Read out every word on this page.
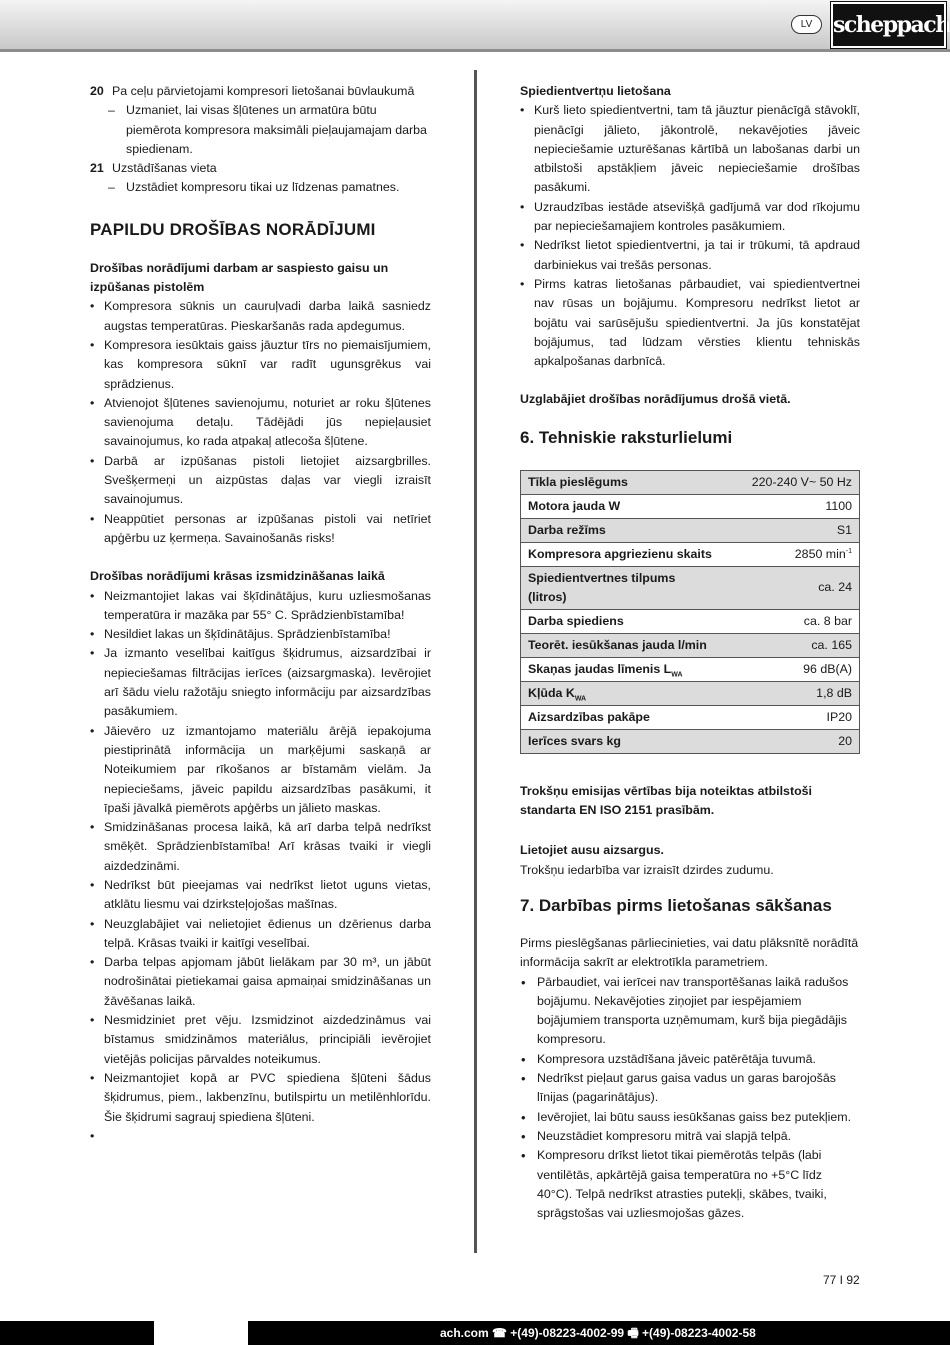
LV scheppach
20 Pa ceļu pārvietojami kompresori lietošanai būvlaukumā
– Uzmaniet, lai visas šļūtenes un armatūra būtu piemērota kompresora maksimāli pieļaujamajam darba spiedienam.
21 Uzstādīšanas vieta
– Uzstādiet kompresoru tikai uz līdzenas pamatnes.
PAPILDU DROŠĪBAS NORĀDĪJUMI
Drošības norādījumi darbam ar saspiesto gaisu un izpūšanas pistolēm
• Kompresora sūknis un cauruļvadi darba laikā sasniedz augstas temperatūras. Pieskaršanās rada apdegumus.
• Kompresora iesūktais gaiss jāuztur tīrs no piemaisījumiem, kas kompresora sūknī var radīt ugunsgrēkus vai sprādzienus.
• Atvienojot šļūtenes savienojumu, noturiet ar roku šļūtenes savienojuma detaļu. Tādējādi jūs nepieļausiet savainojumus, ko rada atpakaļ atlecoša šļūtene.
• Darbā ar izpūšanas pistoli lietojiet aizsargbrilles. Svešķermeņi un aizpūstas daļas var viegli izraisīt savainojumus.
• Neappūtiet personas ar izpūšanas pistoli vai netīriet apģērbu uz ķermeņa. Savainošanās risks!
Drošības norādījumi krāsas izsmidzināšanas laikā
• Neizmantojiet lakas vai šķīdinātājus, kuru uzliesmošanas temperatūra ir mazāka par 55° C. Sprādzienbīstamība!
• Nesildiet lakas un šķīdinātājus. Sprādzienbīstamība!
• Ja izmanto veselībai kaitīgus šķidrumus, aizsardzībai ir nepieciešamas filtrācijas ierīces (aizsargmaska). Ievērojiet arī šādu vielu ražotāju sniegto informāciju par aizsardzības pasākumiem.
• Jāievēro uz izmantojamo materiālu ārējā iepakojuma piestiprinātā informācija un marķējumi saskaņā ar Noteikumiem par rīkošanos ar bīstamām vielām. Ja nepieciešams, jāveic papildu aizsardzības pasākumi, it īpaši jāvalkā piemērots apģērbs un jālieto maskas.
• Smidzināšanas procesa laikā, kā arī darba telpā nedrīkst smēķēt. Sprādzienbīstamība! Arī krāsas tvaiki ir viegli aizdedzināmi.
• Nedrīkst būt pieejamas vai nedrīkst lietot uguns vietas, atklātu liesmu vai dzirksteļojošas mašīnas.
• Neuzglabājiet vai nelietojiet ēdienus un dzērienus darba telpā. Krāsas tvaiki ir kaitīgi veselībai.
• Darba telpas apjomam jābūt lielākam par 30 m³, un jābūt nodrošinātai pietiekamai gaisa apmaiņai smidzināšanas un žāvēšanas laikā.
• Nesmidziniet pret vēju. Izsmidzinot aizdedzināmus vai bīstamus smidzināmos materiālus, principiāli ievērojiet vietējās policijas pārvaldes noteikumus.
• Neizmantojiet kopā ar PVC spiediena šļūteni šādus šķidrumus, piem., lakbenzīnu, butilspirtu un metilēnhlorīdu. Šie šķidrumi sagrauj spiediena šļūteni.
•
Spiedientvertņu lietošana
• Kurš lieto spiedientvertni, tam tā jāuztur pienācīgā stāvoklī, pienācīgi jālieto, jākontrolē, nekavējoties jāveic nepieciešamie uzturēšanas kārtībā un labošanas darbi un atbilstoši apstākļiem jāveic nepieciešamie drošības pasākumi.
• Uzraudzības iestāde atsevišķā gadījumā var dod rīkojumu par nepieciešamajiem kontroles pasākumiem.
• Nedrīkst lietot spiedientvertni, ja tai ir trūkumi, tā apdraud darbiniekus vai trešās personas.
• Pirms katras lietošanas pārbaudiet, vai spiedientvertnei nav rūsas un bojājumu. Kompresoru nedrīkst lietot ar bojātu vai sarūsējušu spiedientvertni. Ja jūs konstatējat bojājumus, tad lūdzam vērsties klientu tehniskās apkalpošanas darbnīcā.

Uzglabājiet drošības norādījumus drošā vietā.

6. Tehniskie raksturlielumi
Tīkla pieslēgums	220-240 V~ 50 Hz
Motora jauda W	1100
Darba režīms	S1
Kompresora apgriezienu skaits	2850 $\min^{-1}$
Spiedientvertnes tilpums (litros)	ca. 24
Darba spiediens	ca. 8 bar
Teorēt. iesūkšanas jauda l/min	ca. 165
Skaņas jaudas līmenis $L_{WA}$	96 dB(A)
Kļūda $K_{WA}$	1,8 dB
Aizsardzības pakāpe	IP20
Ierīces svars kg	20

Trokšņu emisijas vērtības bija noteiktas atbilstoši standarta EN ISO 2151 prasībām.

Lietojiet ausu aizsargus.

Trokšņu iedarbība var izraisīt dzirdes zudumu.

7. Darbības pirms lietošanas sākšanas

Pirms pieslēgšanas pārliecinieties, vai datu plāksnītē norādītā informācija sakrīt ar elektrotīkla parametriem.

• Pārbaudiet, vai ierīcei nav transportēšanas laikā radušos bojājumu. Nekavējoties ziņojiet par iespējamiem bojājumiem transporta uzņēmumam, kurš bija piegādājis kompresoru.
• Kompresora uzstādīšana jāveic patērētāja tuvumā.
• Nedrīkst pieļaut garus gaisa vadus un garas barojošās līnijas (pagarinātājus).
• Ievērojiet, lai būtu sauss iesūkšanas gaiss bez putekļiem.
• Neuzstādiet kompresoru mitrā vai slapjā telpā.
• Kompresoru drīkst lietot tikai piemērotās telpās (labi ventilētās, apkārtējā gaisa temperatūra no +5°C līdz 40°C). Telpā nedrīkst atrasties putekļi, skābes, tvaiki, sprāgstošas vai uzliesmojošas gāzes.
77 I 92
ach.com ☎ +(49)-08223-4002-99 🖷 +(49)-08223-4002-58
